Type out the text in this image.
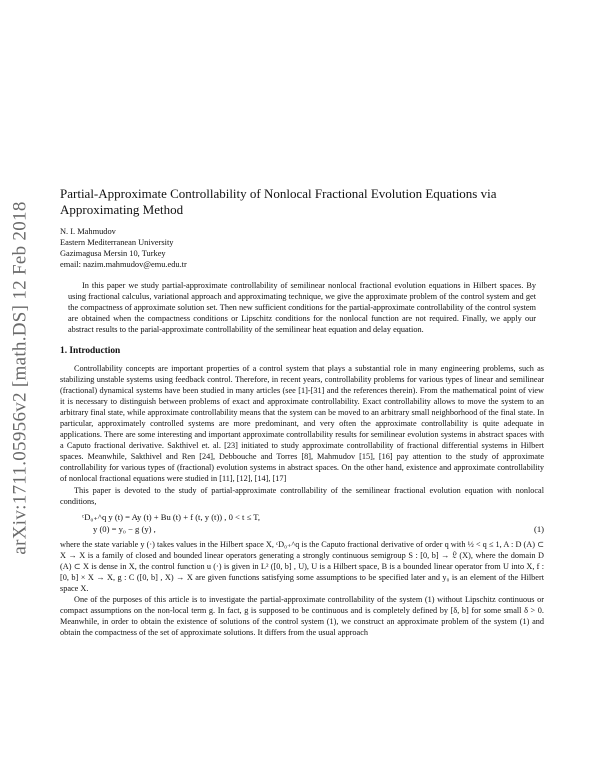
arXiv:1711.05956v2 [math.DS] 12 Feb 2018
Partial-Approximate Controllability of Nonlocal Fractional Evolution Equations via Approximating Method
N. I. Mahmudov
Eastern Mediterranean University
Gazimagusa Mersin 10, Turkey
email: nazim.mahmudov@emu.edu.tr

In this paper we study partial-approximate controllability of semilinear nonlocal fractional evolution equations in Hilbert spaces. By using fractional calculus, variational approach and approximating technique, we give the approximate problem of the control system and get the compactness of approximate solution set. Then new sufficient conditions for the partial-approximate controllability of the control system are obtained when the compactness conditions or Lipschitz conditions for the nonlocal function are not required. Finally, we apply our abstract results to the parial-approximate controllability of the semilinear heat equation and delay equation.

1. Introduction

Controllability concepts are important properties of a control system that plays a substantial role in many engineering problems, such as stabilizing unstable systems using feedback control. Therefore, in recent years, controllability problems for various types of linear and semilinear (fractional) dynamical systems have been studied in many articles (see [1]-[31] and the references therein). From the mathematical point of view it is necessary to distinguish between problems of exact and approximate controllability. Exact controllability allows to move the system to an arbitrary final state, while approximate controllability means that the system can be moved to an arbitrary small neighborhood of the final state. In particular, approximately controlled systems are more predominant, and very often the approximate controllability is quite adequate in applications. There are some interesting and important approximate controllability results for semilinear evolution systems in abstract spaces with a Caputo fractional derivative. Sakthivel et. al. [23] initiated to study approximate controllability of fractional differential systems in Hilbert spaces. Meanwhile, Sakthivel and Ren [24], Debbouche and Torres [8], Mahmudov [15], [16] pay attention to the study of approximate controllability for various types of (fractional) evolution systems in abstract spaces. On the other hand, existence and approximate controllability of nonlocal fractional equations were studied in [11], [12], [14], [17]

This paper is devoted to the study of partial-approximate controllability of the semilinear fractional evolution equation with nonlocal conditions,

ᶜD₀₊^q y (t) = Ay (t) + Bu (t) + f (t, y (t)) , 0 < t ≤ T,
y (0) = y₀ − g (y) ,	(1)

where the state variable y (·) takes values in the Hilbert space X, ᶜD₀₊^q is the Caputo fractional derivative of order q with ½ < q ≤ 1, A : D (A) ⊂ X → X is a family of closed and bounded linear operators generating a strongly continuous semigroup S : [0, b] → 𝔏 (X), where the domain D (A) ⊂ X is dense in X, the control function u (·) is given in L² ([0, b] , U), U is a Hilbert space, B is a bounded linear operator from U into X, f : [0, b] × X → X, g : C ([0, b] , X) → X are given functions satisfying some assumptions to be specified later and y₀ is an element of the Hilbert space X.

One of the purposes of this article is to investigate the partial-approximate controllability of the system (1) without Lipschitz continuous or compact assumptions on the non-local term g. In fact, g is supposed to be continuous and is completely defined by [δ, b] for some small δ > 0. Meanwhile, in order to obtain the existence of solutions of the control system (1), we construct an approximate problem of the system (1) and obtain the compactness of the set of approximate solutions. It differs from the usual approach
